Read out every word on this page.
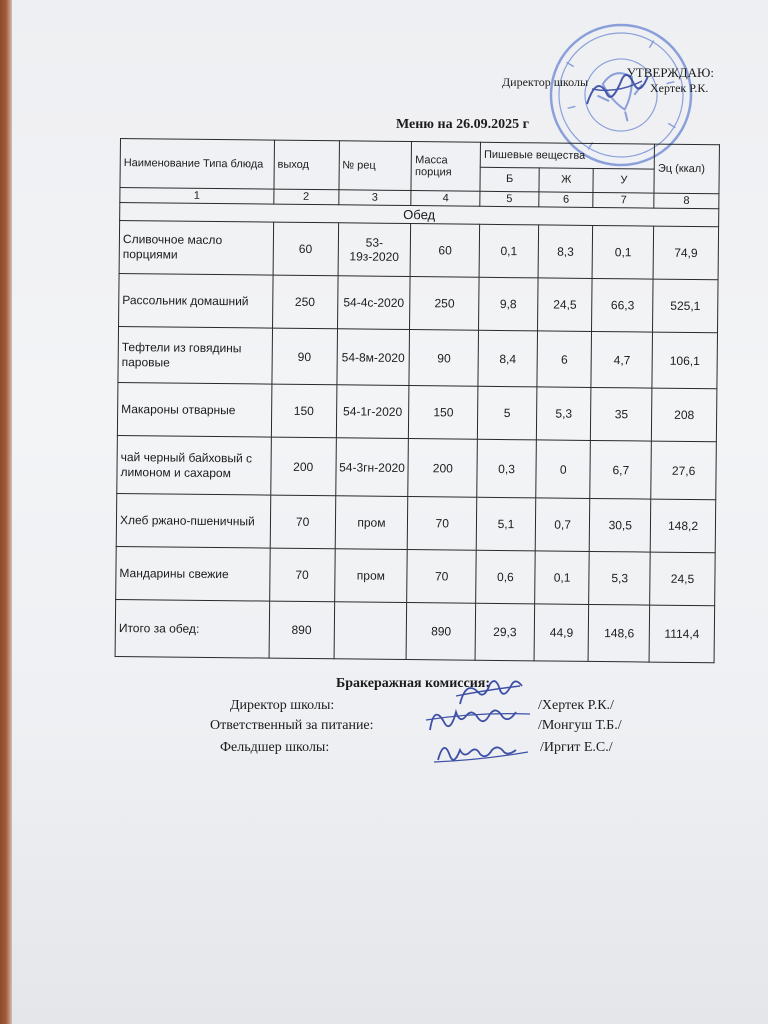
УТВЕРЖДАЮ:
Директор школы	Хертек Р.К.
Меню на 26.09.2025 г
Наименование Типа блюда	выход	№ рец	Масса порция	Пишевые вещества			Эц (ккал)
				Б	Ж	У	
1	2	3	4	5	6	7	8
Обед							
Сливочное масло порциями	60	53-19з-2020	60	0,1	8,3	0,1	74,9
Рассольник домашний	250	54-4с-2020	250	9,8	24,5	66,3	525,1
Тефтели из говядины паровые	90	54-8м-2020	90	8,4	6	4,7	106,1
Макароны отварные	150	54-1г-2020	150	5	5,3	35	208
чай черный байховый с лимоном и сахаром	200	54-3гн-2020	200	0,3	0	6,7	27,6
Хлеб ржано-пшеничный	70	пром	70	5,1	0,7	30,5	148,2
Мандарины свежие	70	пром	70	0,6	0,1	5,3	24,5
Итого за обед:	890		890	29,3	44,9	148,6	1114,4
Бракеражная комиссия:
Директор школы:	/Хертек Р.К./
Ответственный за питание:	/Монгуш Т.Б./
Фельдшер школы:	/Иргит Е.С./
